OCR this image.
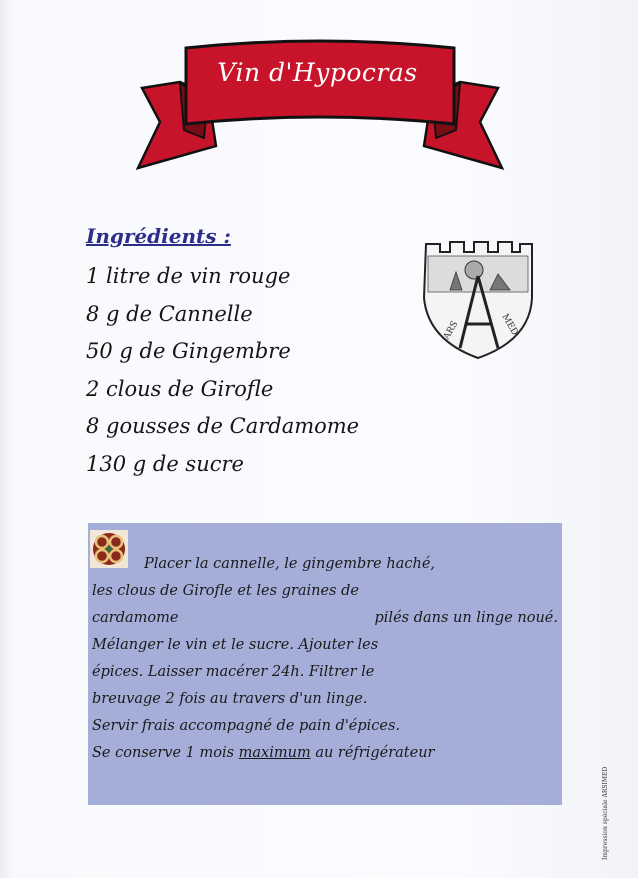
Vin d'Hypocras
Ingrédients :
1 litre de vin rouge
8 g de Cannelle
50 g de Gingembre
2 clous de Girofle
8 gousses de Cardamome
130 g de sucre
ARS	MED
Placer la cannelle, le gingembre haché,
les clous de Girofle et les graines de
cardamome	pilés dans un linge noué.
Mélanger le vin et le sucre. Ajouter les
épices. Laisser macérer 24h. Filtrer le
breuvage 2 fois au travers d'un linge.
Servir frais accompagné de pain d'épices.
Se conserve 1 mois maximum au réfrigérateur
Impression spéciale ARSIMED
